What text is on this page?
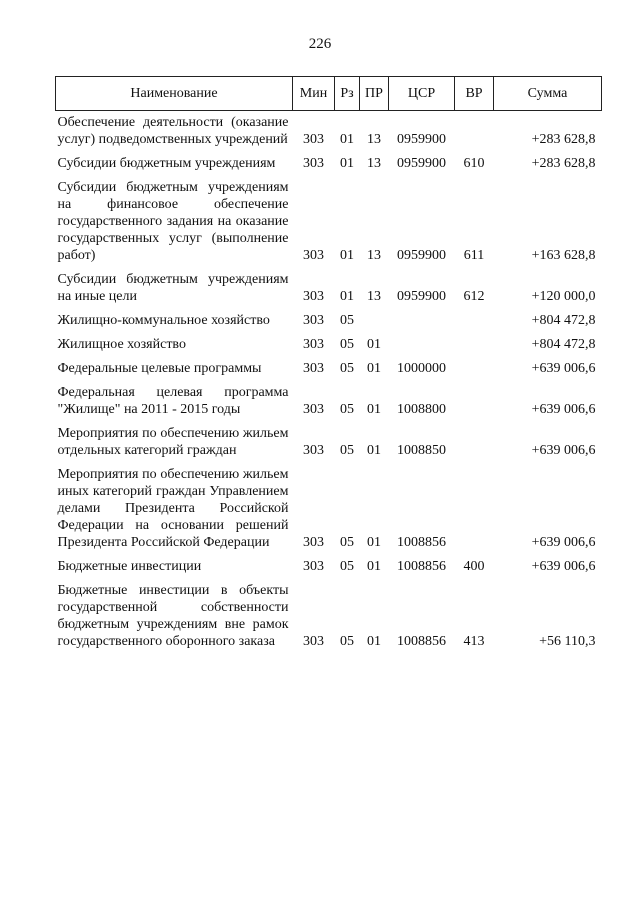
226
Наименование	Мин	Рз	ПР	ЦСР	ВР	Сумма
Обеспечение деятельности (оказание услуг) подведомственных учреждений	303	01	13	0959900		+283 628,8
Субсидии бюджетным учреждениям	303	01	13	0959900	610	+283 628,8
Субсидии бюджетным учреждениям на финансовое обеспечение государственного задания на оказание государственных услуг (выполнение работ)	303	01	13	0959900	611	+163 628,8
Субсидии бюджетным учреждениям на иные цели	303	01	13	0959900	612	+120 000,0
Жилищно-коммунальное хозяйство	303	05				+804 472,8
Жилищное хозяйство	303	05	01			+804 472,8
Федеральные целевые программы	303	05	01	1000000		+639 006,6
Федеральная целевая программа "Жилище" на 2011 - 2015 годы	303	05	01	1008800		+639 006,6
Мероприятия по обеспечению жильем отдельных категорий граждан	303	05	01	1008850		+639 006,6
Мероприятия по обеспечению жильем иных категорий граждан Управлением делами Президента Российской Федерации на основании решений Президента Российской Федерации	303	05	01	1008856		+639 006,6
Бюджетные инвестиции	303	05	01	1008856	400	+639 006,6
Бюджетные инвестиции в объекты государственной собственности бюджетным учреждениям вне рамок государственного оборонного заказа	303	05	01	1008856	413	+56 110,3
